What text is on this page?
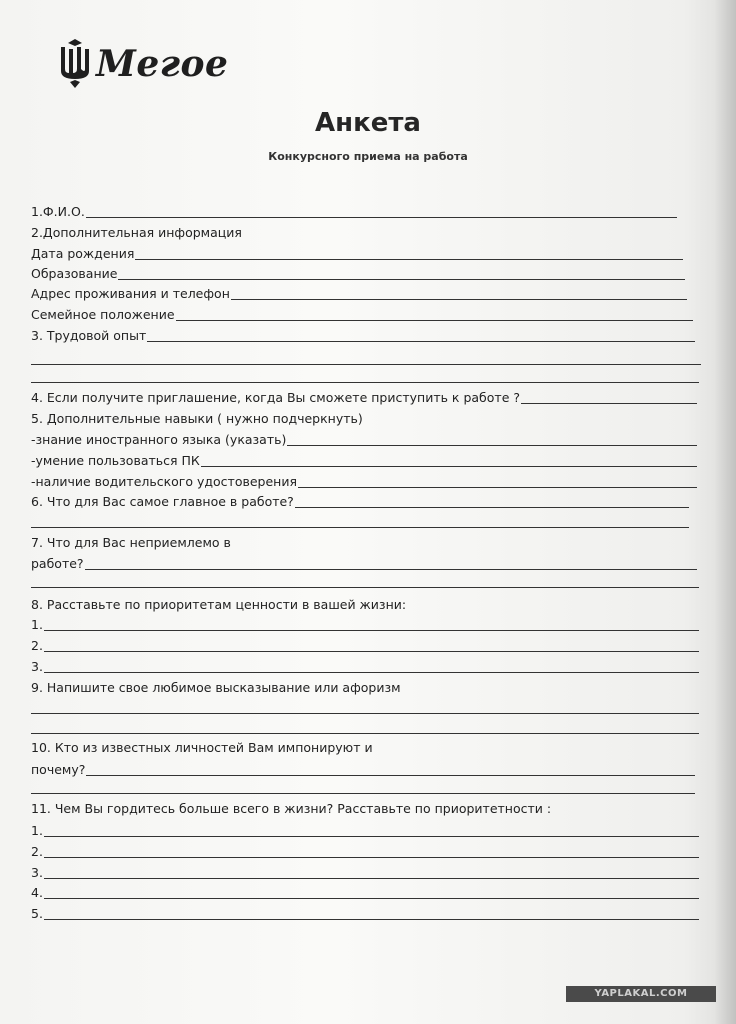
Мегое
Анкета
Конкурсного приема на работа
1.Ф.И.О.
2.Дополнительная информация
Дата рождения
Образование
Адрес проживания и телефон
Семейное положение
3. Трудовой опыт
4. Если получите приглашение, когда Вы сможете приступить к работе ?
5. Дополнительные навыки ( нужно подчеркнуть)
-знание иностранного языка (указать)
-умение пользоваться ПК
-наличие водительского удостоверения
6. Что для Вас самое главное в работе?
7. Что для Вас неприемлемо в
работе?
8. Расставьте по приоритетам ценности в вашей жизни:
1.
2.
3.
9. Напишите свое любимое высказывание или афоризм
10. Кто из известных личностей Вам импонируют и
почему?
11. Чем Вы гордитесь больше всего в жизни? Расставьте по приоритетности :
1.
2.
3.
4.
5.
YAPLAKAL.COM
